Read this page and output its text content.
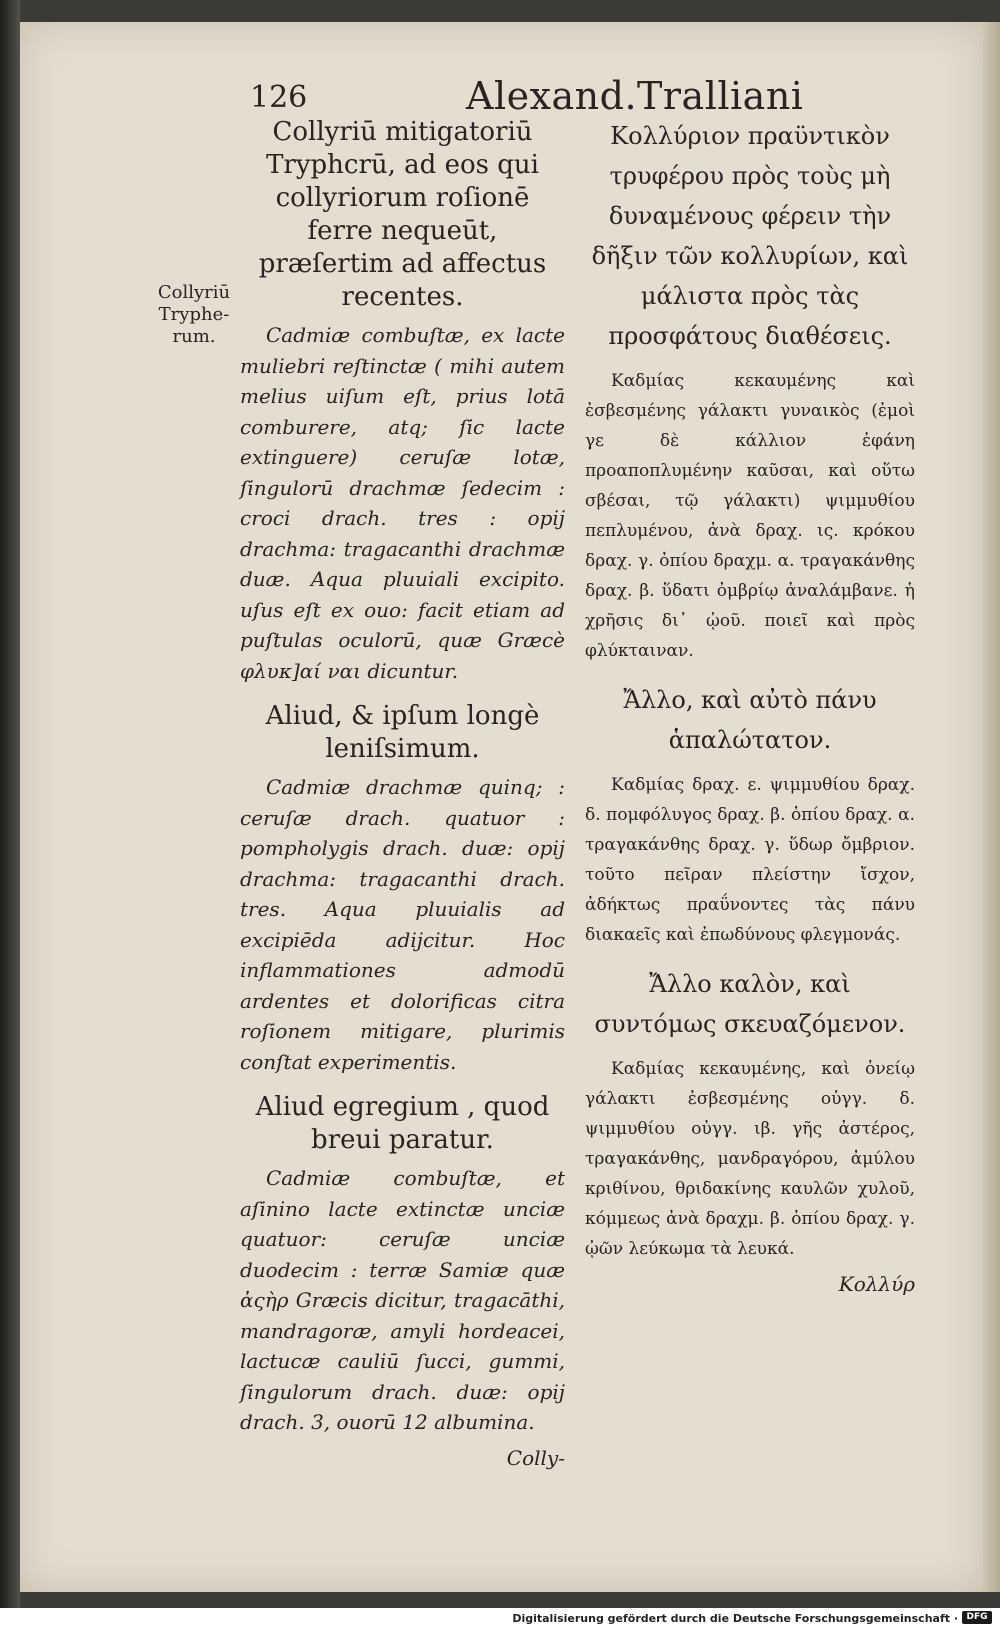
126	Alexand.Tralliani
Collyriū Tryphe-rum.
Collyriū mitigatoriū Tryphcrū, ad eos qui collyriorum roſionē ferre nequeūt, præſertim ad affectus recentes.
Cadmiæ combuſtæ, ex lacte muliebri reſtinctæ ( mihi autem melius uiſum eſt, prius lotā comburere, atq; ſic lacte extinguere) ceruſæ lotæ, ſingulorū drachmæ ſedecim : croci drach. tres : opij drachma: tragacanthi drachmæ duæ. Aqua pluuiali excipito. uſus eſt ex ouo: facit etiam ad puſtulas oculorū, quæ Græcè φλυκ]αί ναι dicuntur.
Aliud, & ipſum longè leniſsimum.
Cadmiæ drachmæ quinq; : ceruſæ drach. quatuor : pompholygis drach. duæ: opij drachma: tragacanthi drach. tres. Aqua pluuialis ad excipiēda adijcitur. Hoc inflammationes admodū ardentes et dolorificas citra roſionem mitigare, plurimis conſtat experimentis.
Aliud egregium , quod breui paratur.
Cadmiæ combuſtæ, et aſinino lacte extinctæ unciæ quatuor: ceruſæ unciæ duodecim : terræ Samiæ quæ ἀςὴρ Græcis dicitur, tragacāthi, mandragoræ, amyli hordeacei, lactucæ cauliū ſucci, gummi, ſingulorum drach. duæ: opij drach. 3, ouorū 12 albumina.
Colly-
Κολλύριον πραϋντικὸν τρυφέρου πρὸς τοὺς μὴ δυναμένους φέρειν τὴν δῆξιν τῶν κολλυρίων, καὶ μάλιστα πρὸς τὰς προσφάτους διαθέσεις.
Καδμίας κεκαυμένης καὶ ἐσβεσμένης γάλακτι γυναικὸς (ἐμοὶ γε δὲ κάλλιον ἐφάνη προαποπλυμένην καῦσαι, καὶ οὕτω σβέσαι, τῷ γάλακτι) ψιμμυθίου πεπλυμένου, ἀνὰ δραχ. ις. κρόκου δραχ. γ. ὀπίου δραχμ. α. τραγακάνθης δραχ. β. ὕδατι ὀμβρίῳ ἀναλάμβανε. ἡ χρῆσις δι᾽ ᾠοῦ. ποιεῖ καὶ πρὸς φλύκταιναν.
Ἄλλο, καὶ αὐτὸ πάνυ ἁπαλώτατον.
Καδμίας δραχ. ε. ψιμμυθίου δραχ. δ. πομφόλυγος δραχ. β. ὀπίου δραχ. α. τραγακάνθης δραχ. γ. ὕδωρ ὄμβριον. τοῦτο πεῖραν πλείστην ἴσχον, ἀδήκτως πραΰνοντες τὰς πάνυ διακαεῖς καὶ ἐπωδύνους φλεγμονάς.
Ἄλλο καλὸν, καὶ συντόμως σκευαζόμενον.
Καδμίας κεκαυμένης, καὶ ὀνείῳ γάλακτι ἐσβεσμένης οὐγγ. δ. ψιμμυθίου οὐγγ. ιβ. γῆς ἀστέρος, τραγακάνθης, μανδραγόρου, ἀμύλου κριθίνου, θριδακίνης καυλῶν χυλοῦ, κόμμεως ἀνὰ δραχμ. β. ὀπίου δραχ. γ. ᾠῶν λεύκωμα τὰ λευκά.
Κολλύρ
Digitalisierung gefördert durch die Deutsche Forschungsgemeinschaft · DFG
